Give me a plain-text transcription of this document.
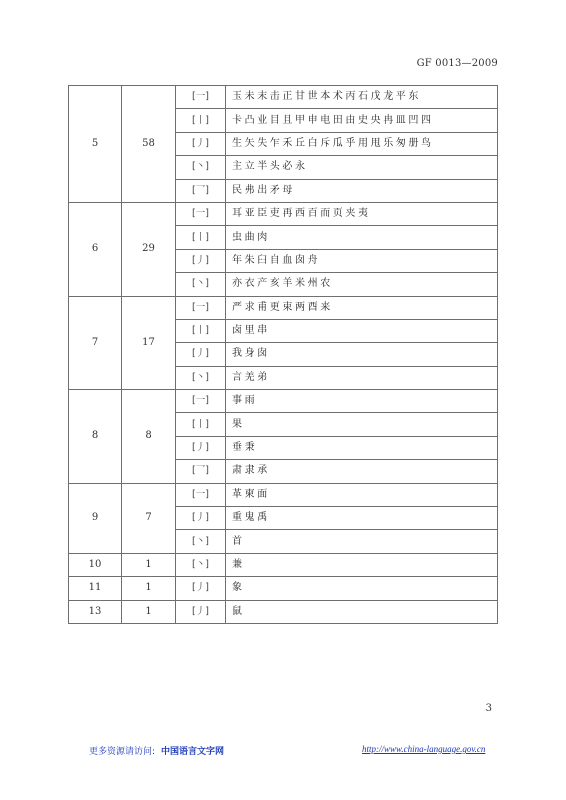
GF 0013—2009
5	58	[一]	玉未末击正甘世本术丙石戊龙平东
		[丨]	卡凸业目且甲申电田由史央冉皿凹四
		[丿]	生矢失乍禾丘白斥瓜乎用甩乐匆册鸟
		[丶]	主立半头必永
		[乛]	民弗出矛母
6	29	[一]	耳亚臣吏再西百而页夹夷
		[丨]	虫曲肉
		[丿]	年朱臼自血囱舟
		[丶]	亦衣产亥羊米州农
7	17	[一]	严求甫更束两酉来
		[丨]	卤里串
		[丿]	我身囱
		[丶]	言羌弟
8	8	[一]	事雨
		[丨]	果
		[丿]	垂秉
		[乛]	肃隶承
9	7	[一]	革柬面
		[丿]	重鬼禹
		[丶]	首
10	1	[丶]	兼
11	1	[丿]	象
13	1	[丿]	鼠
3
更多资源请访问: 中国语言文字网	http://www.china-language.gov.cn
